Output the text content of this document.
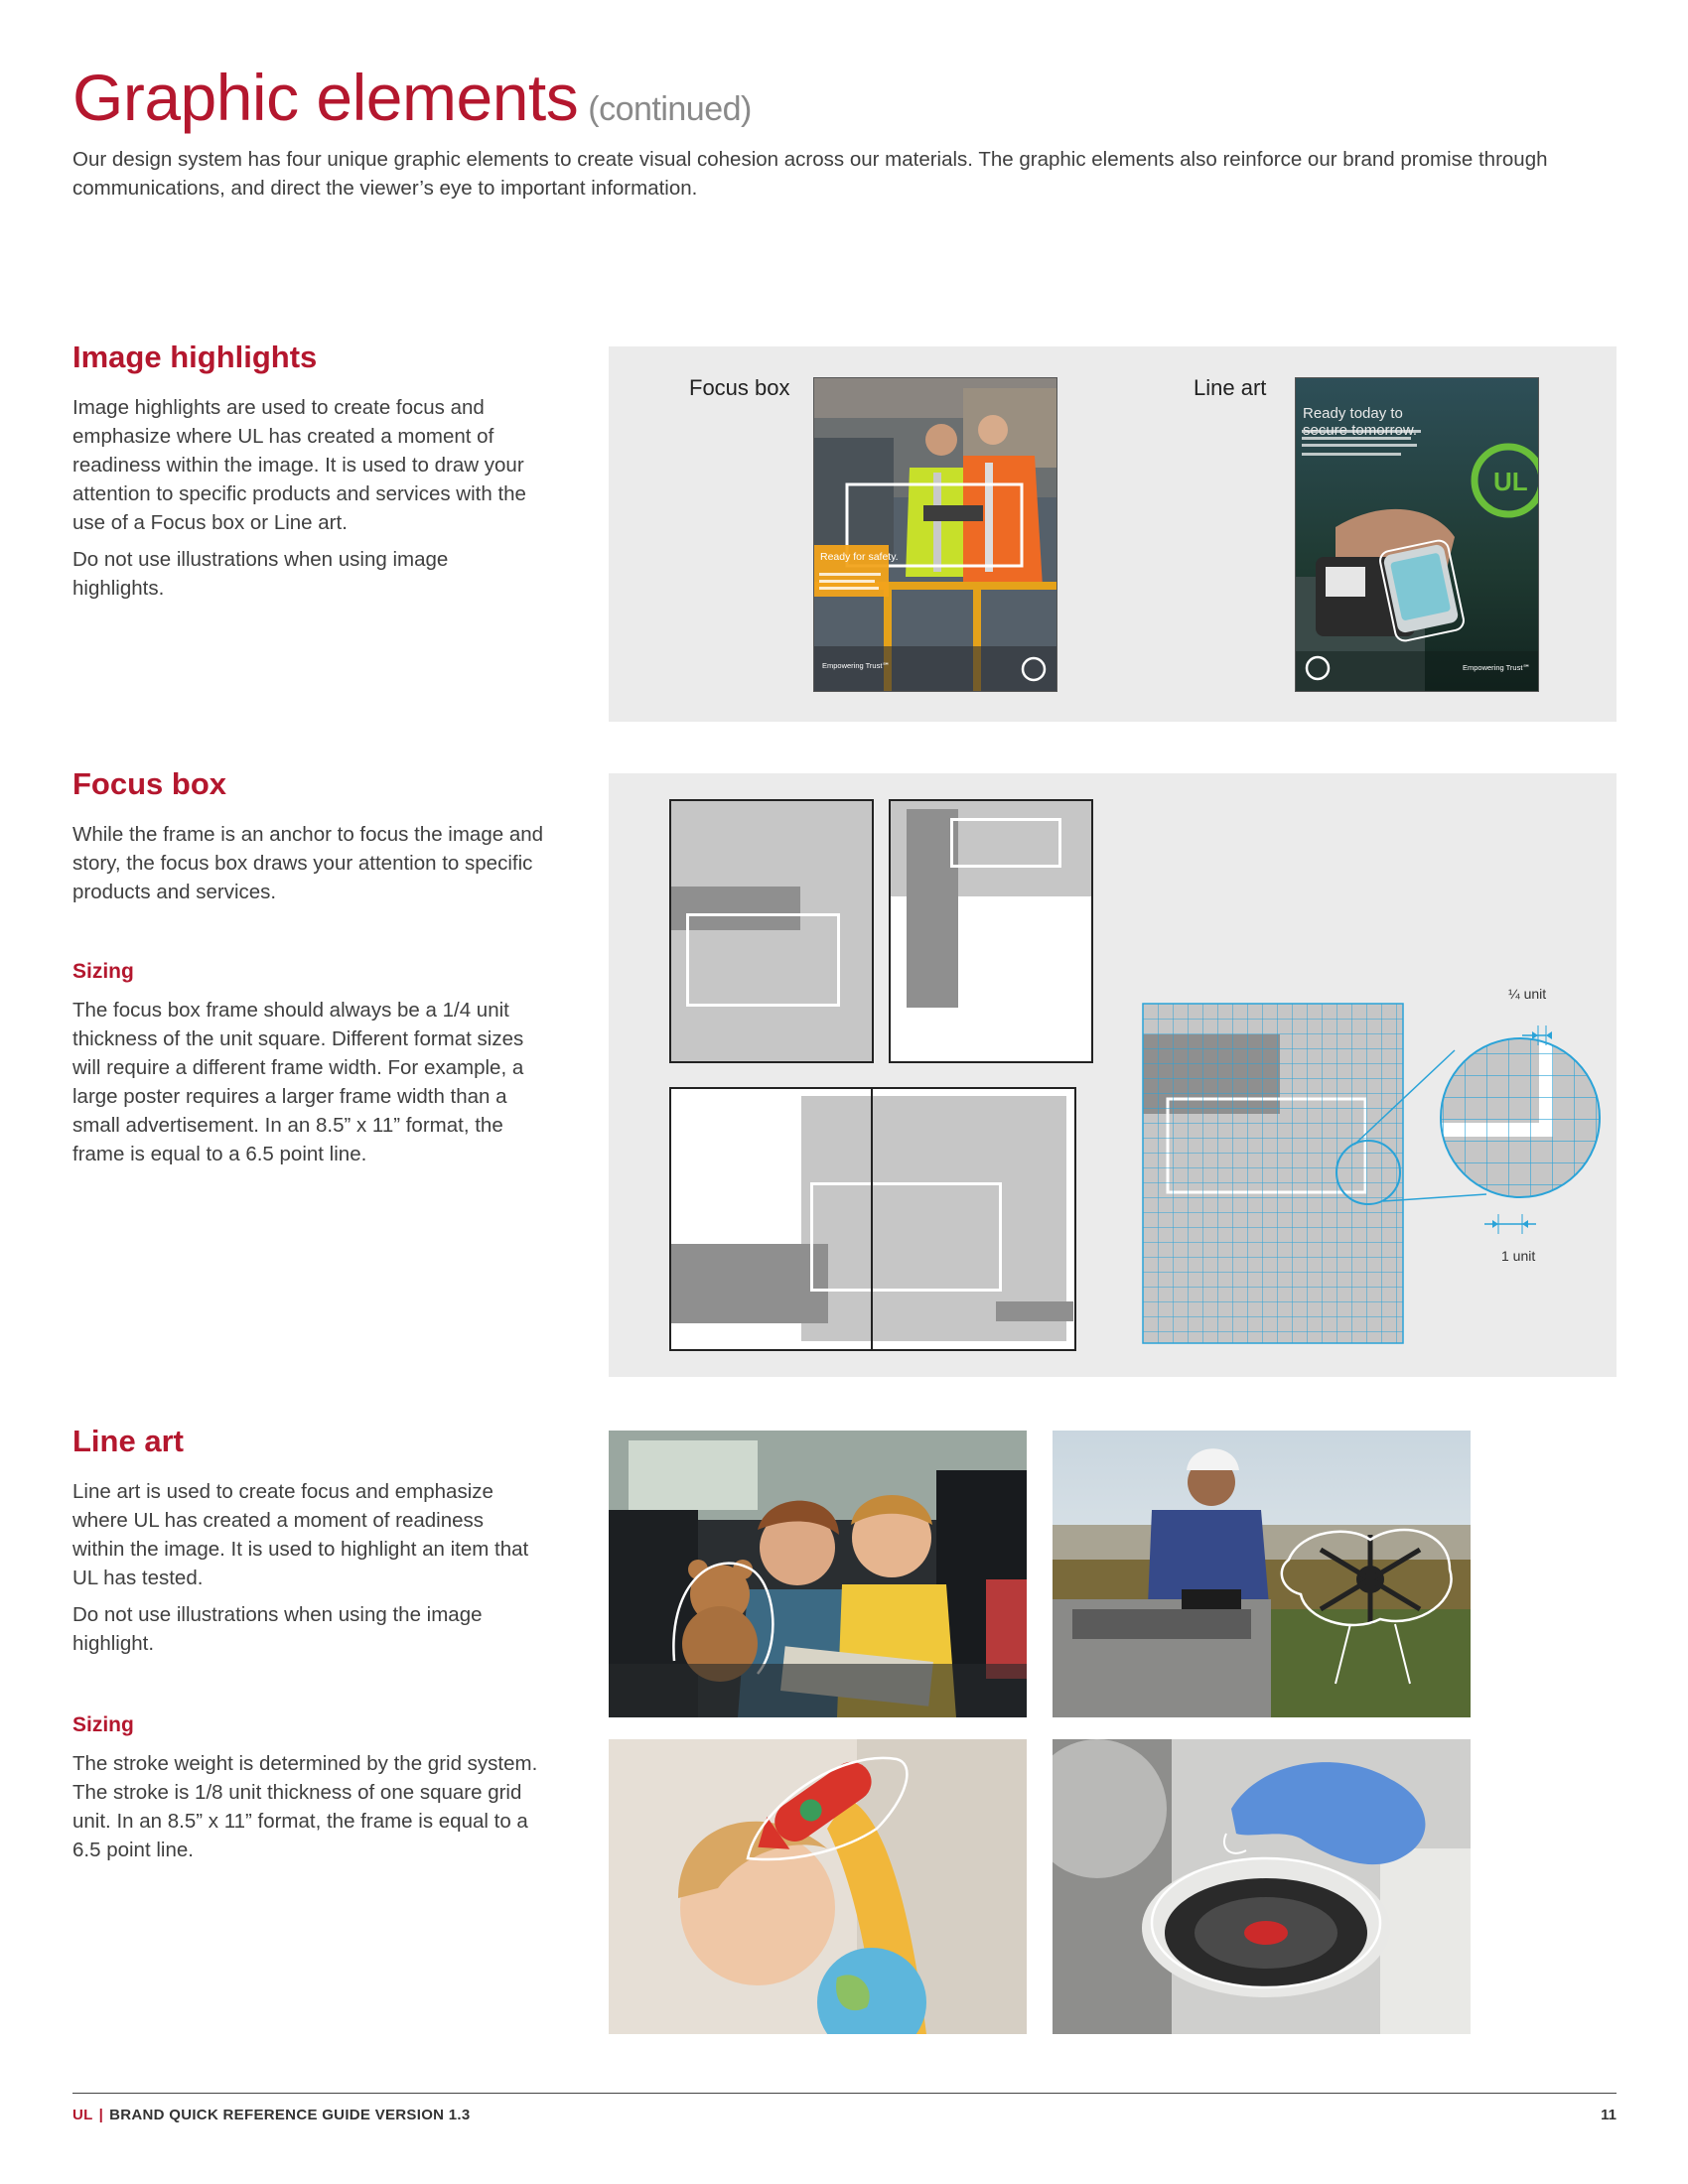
Graphic elements (continued)
Our design system has four unique graphic elements to create visual cohesion across our materials. The graphic elements also reinforce our brand promise through communications, and direct the viewer’s eye to important information.
Image highlights

Image highlights are used to create focus and emphasize where UL has created a moment of readiness within the image. It is used to draw your attention to specific products and services with the use of a Focus box or Line art.

Do not use illustrations when using image highlights.

Focus box	Line art
Ready for safety.
Empowering Trust℠
Ready today to secure tomorrow.
UL
Empowering Trust℠
Focus box
While the frame is an anchor to focus the image and story, the focus box draws your attention to specific products and services.
Sizing
The focus box frame should always be a 1/4 unit thickness of the unit square. Different format sizes will require a different frame width. For example, a large poster requires a larger frame width than a small advertisement. In an 8.5” x 11” format, the frame is equal to a 6.5 point line.
¼ unit
1 unit
Line art

Line art is used to create focus and emphasize where UL has created a moment of readiness within the image. It is used to highlight an item that UL has tested.

Do not use illustrations when using the image highlight.

Sizing
The stroke weight is determined by the grid system. The stroke is 1/8 unit thickness of one square grid unit. In an 8.5” x 11” format, the frame is equal to a 6.5 point line.
UL | BRAND QUICK REFERENCE GUIDE VERSION 1.3	11
